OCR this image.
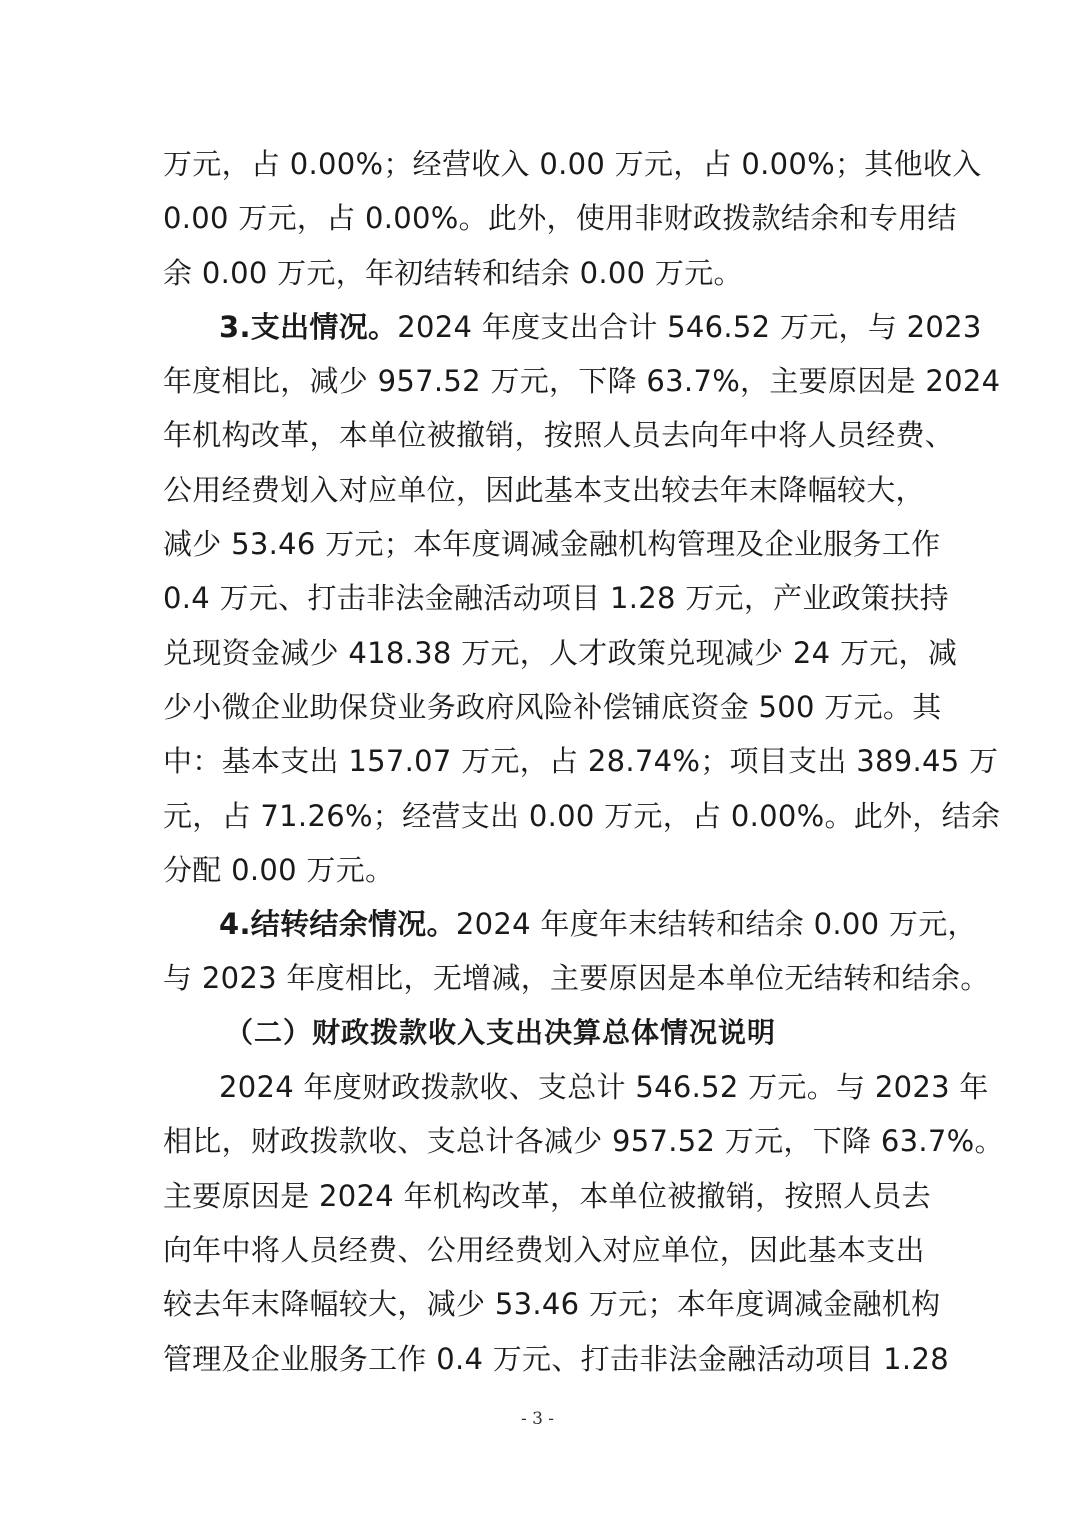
万元，占 0.00%；经营收入 0.00 万元，占 0.00%；其他收入
0.00 万元，占 0.00%。此外，使用非财政拨款结余和专用结
余 0.00 万元，年初结转和结余 0.00 万元。
3.支出情况。2024 年度支出合计 546.52 万元，与 2023
年度相比，减少 957.52 万元，下降 63.7%，主要原因是 2024
年机构改革，本单位被撤销，按照人员去向年中将人员经费、
公用经费划入对应单位，因此基本支出较去年末降幅较大，
减少 53.46 万元；本年度调减金融机构管理及企业服务工作
0.4 万元、打击非法金融活动项目 1.28 万元，产业政策扶持
兑现资金减少 418.38 万元，人才政策兑现减少 24 万元，减
少小微企业助保贷业务政府风险补偿铺底资金 500 万元。其
中：基本支出 157.07 万元，占 28.74%；项目支出 389.45 万
元，占 71.26%；经营支出 0.00 万元，占 0.00%。此外，结余
分配 0.00 万元。
4.结转结余情况。2024 年度年末结转和结余 0.00 万元，
与 2023 年度相比，无增减，主要原因是本单位无结转和结余。
（二）财政拨款收入支出决算总体情况说明
2024 年度财政拨款收、支总计 546.52 万元。与 2023 年
相比，财政拨款收、支总计各减少 957.52 万元，下降 63.7%。
主要原因是 2024 年机构改革，本单位被撤销，按照人员去
向年中将人员经费、公用经费划入对应单位，因此基本支出
较去年末降幅较大，减少 53.46 万元；本年度调减金融机构
管理及企业服务工作 0.4 万元、打击非法金融活动项目 1.28
- 3 -
